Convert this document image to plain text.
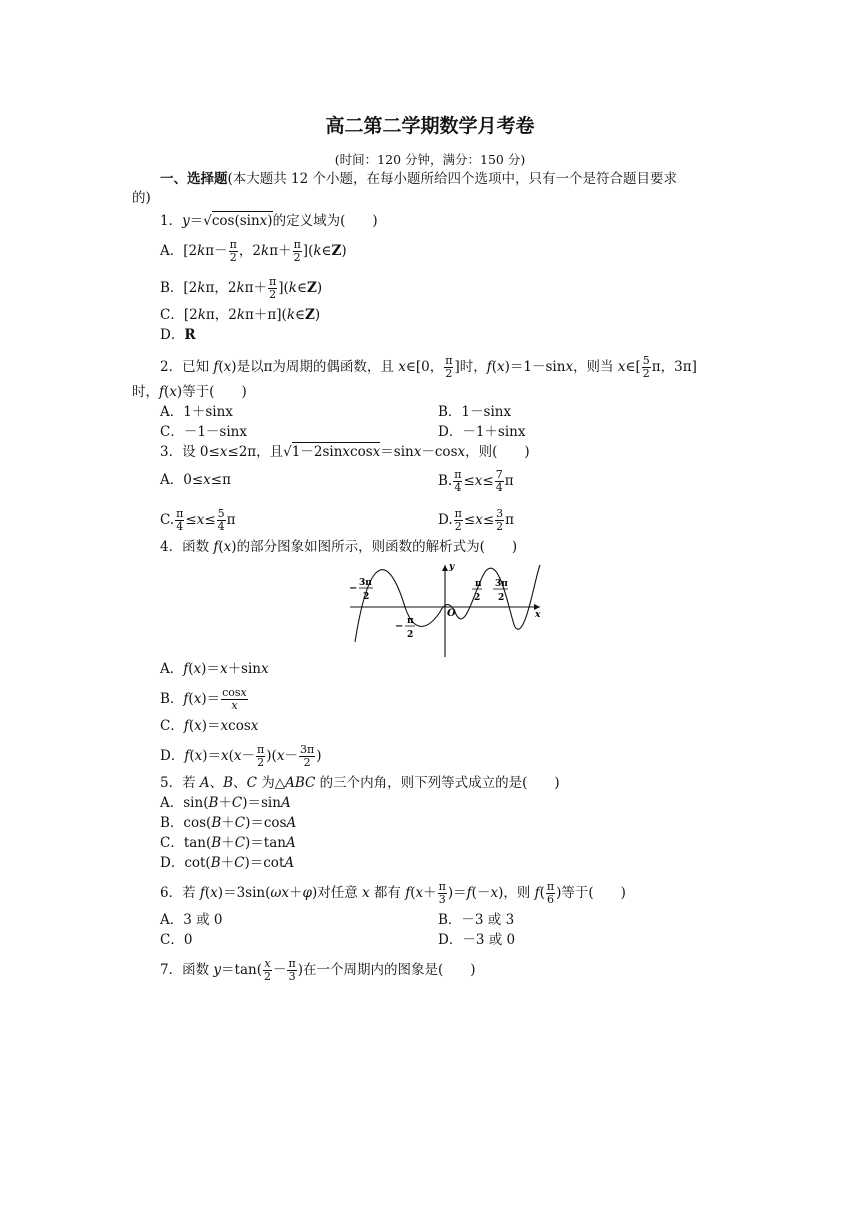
高二第二学期数学月考卷
(时间：120 分钟，满分：150 分)
一、选择题(本大题共 12 个小题，在每小题所给四个选项中，只有一个是符合题目要求
的)
1．y＝√cos(sinx)的定义域为(　　)
A．[$2k\pi- \frac{\pi}{2}$ ，$2k\pi+ \frac{\pi}{2}$ ](k∈Z)
B．[2kπ，$2k\pi+ \frac{\pi}{2}$ ](k∈Z)
C．[2kπ，2kπ＋π](k∈Z)
D．R
2．已知 f(x)是以π为周期的偶函数，且 x∈[0， $\frac{\pi}{2}$ ]时，f(x)＝1－sinx，则当 x∈[ $\frac{5}{2}$ π，3π]
时，f(x)等于(　　)
A．1＋sinx	B．1－sinx
C．－1－sinx	D．－1＋sinx
3．设 0≤x≤2π，且√1－2sinxcosx＝sinx－cosx，则(　　)
A．0≤x≤π	B. $\frac{\pi}{4} \le x\le \frac{7}{4}$ π
C. $\frac{\pi}{4} \le x\le \frac{5}{4}$ π	D. $\frac{\pi}{2} \le x\le \frac{3}{2}$ π
4．函数 f(x)的部分图象如图所示，则函数的解析式为(　　)
y
x
O
− 3π
2
− π
2
π
2
3π
2
A．f(x)＝x＋sinx
B．$f(x)= \frac{\cos x}{x}$
C．f(x)＝xcosx
D．$f(x)=x(x- \frac{\pi}{2} )(x- \frac{3\pi}{2}$ )
5．若 A、B、C 为△ABC 的三个内角，则下列等式成立的是(　　)
A．sin(B＋C)＝sinA
B．cos(B＋C)＝cosA
C．tan(B＋C)＝tanA
D．cot(B＋C)＝cotA
6．若 f(x)＝3sin(ωx＋φ)对任意 x 都有 $f(x+ \frac{\pi}{3} )=f(-x)$，则 $f( \frac{\pi}{6}$ )等于(　　)
A．3 或 0	B．－3 或 3
C．0	D．－3 或 0
7．函数 $y=\tan( \frac{x}{2} - \frac{\pi}{3}$ )在一个周期内的图象是(　　)
